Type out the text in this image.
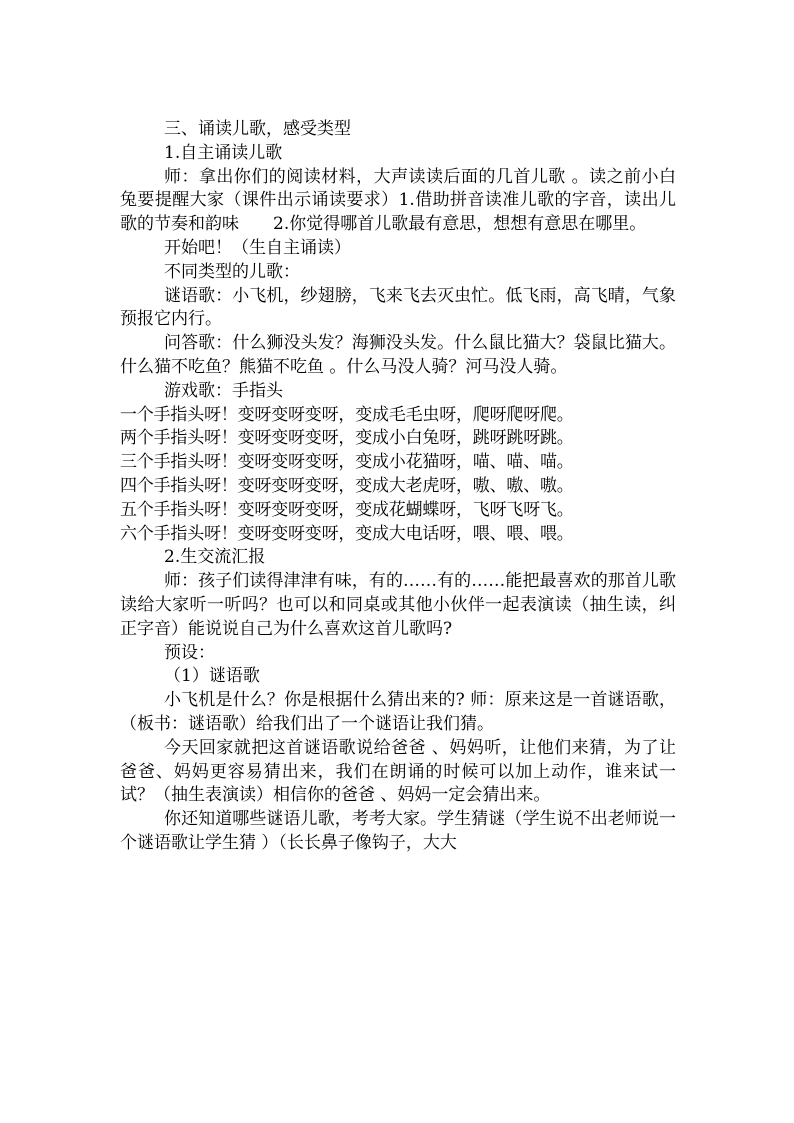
三、诵读儿歌，感受类型

1.自主诵读儿歌

师：拿出你们的阅读材料，大声读读后面的几首儿歌 。读之前小白兔要提醒大家（课件出示诵读要求）1.借助拼音读准儿歌的字音，读出儿歌的节奏和韵味　　2.你觉得哪首儿歌最有意思，想想有意思在哪里。

开始吧！（生自主诵读）

不同类型的儿歌：

谜语歌：小飞机，纱翅膀，飞来飞去灭虫忙。低飞雨，高飞晴，气象预报它内行。

问答歌：什么狮没头发？海狮没头发。什么鼠比猫大？袋鼠比猫大。什么猫不吃鱼？熊猫不吃鱼 。什么马没人骑？河马没人骑。

游戏歌：手指头

一个手指头呀！变呀变呀变呀，变成毛毛虫呀，爬呀爬呀爬。

两个手指头呀！变呀变呀变呀，变成小白兔呀，跳呀跳呀跳。

三个手指头呀！变呀变呀变呀，变成小花猫呀，喵、喵、喵。

四个手指头呀！变呀变呀变呀，变成大老虎呀，嗷、嗷、嗷。

五个手指头呀！变呀变呀变呀，变成花蝴蝶呀，飞呀飞呀飞。

六个手指头呀！变呀变呀变呀，变成大电话呀，喂、喂、喂。

2.生交流汇报

师：孩子们读得津津有味，有的……有的……能把最喜欢的那首儿歌读给大家听一听吗？也可以和同桌或其他小伙伴一起表演读（抽生读，纠正字音）能说说自己为什么喜欢这首儿歌吗?

预设：

（1）谜语歌

小飞机是什么？你是根据什么猜出来的? 师：原来这是一首谜语歌，（板书：谜语歌）给我们出了一个谜语让我们猜。

今天回家就把这首谜语歌说给爸爸 、妈妈听，让他们来猜，为了让爸爸、妈妈更容易猜出来，我们在朗诵的时候可以加上动作，谁来试一试？（抽生表演读）相信你的爸爸 、妈妈一定会猜出来。

你还知道哪些谜语儿歌，考考大家。学生猜谜（学生说不出老师说一个谜语歌让学生猜 ）（长长鼻子像钩子，大大
